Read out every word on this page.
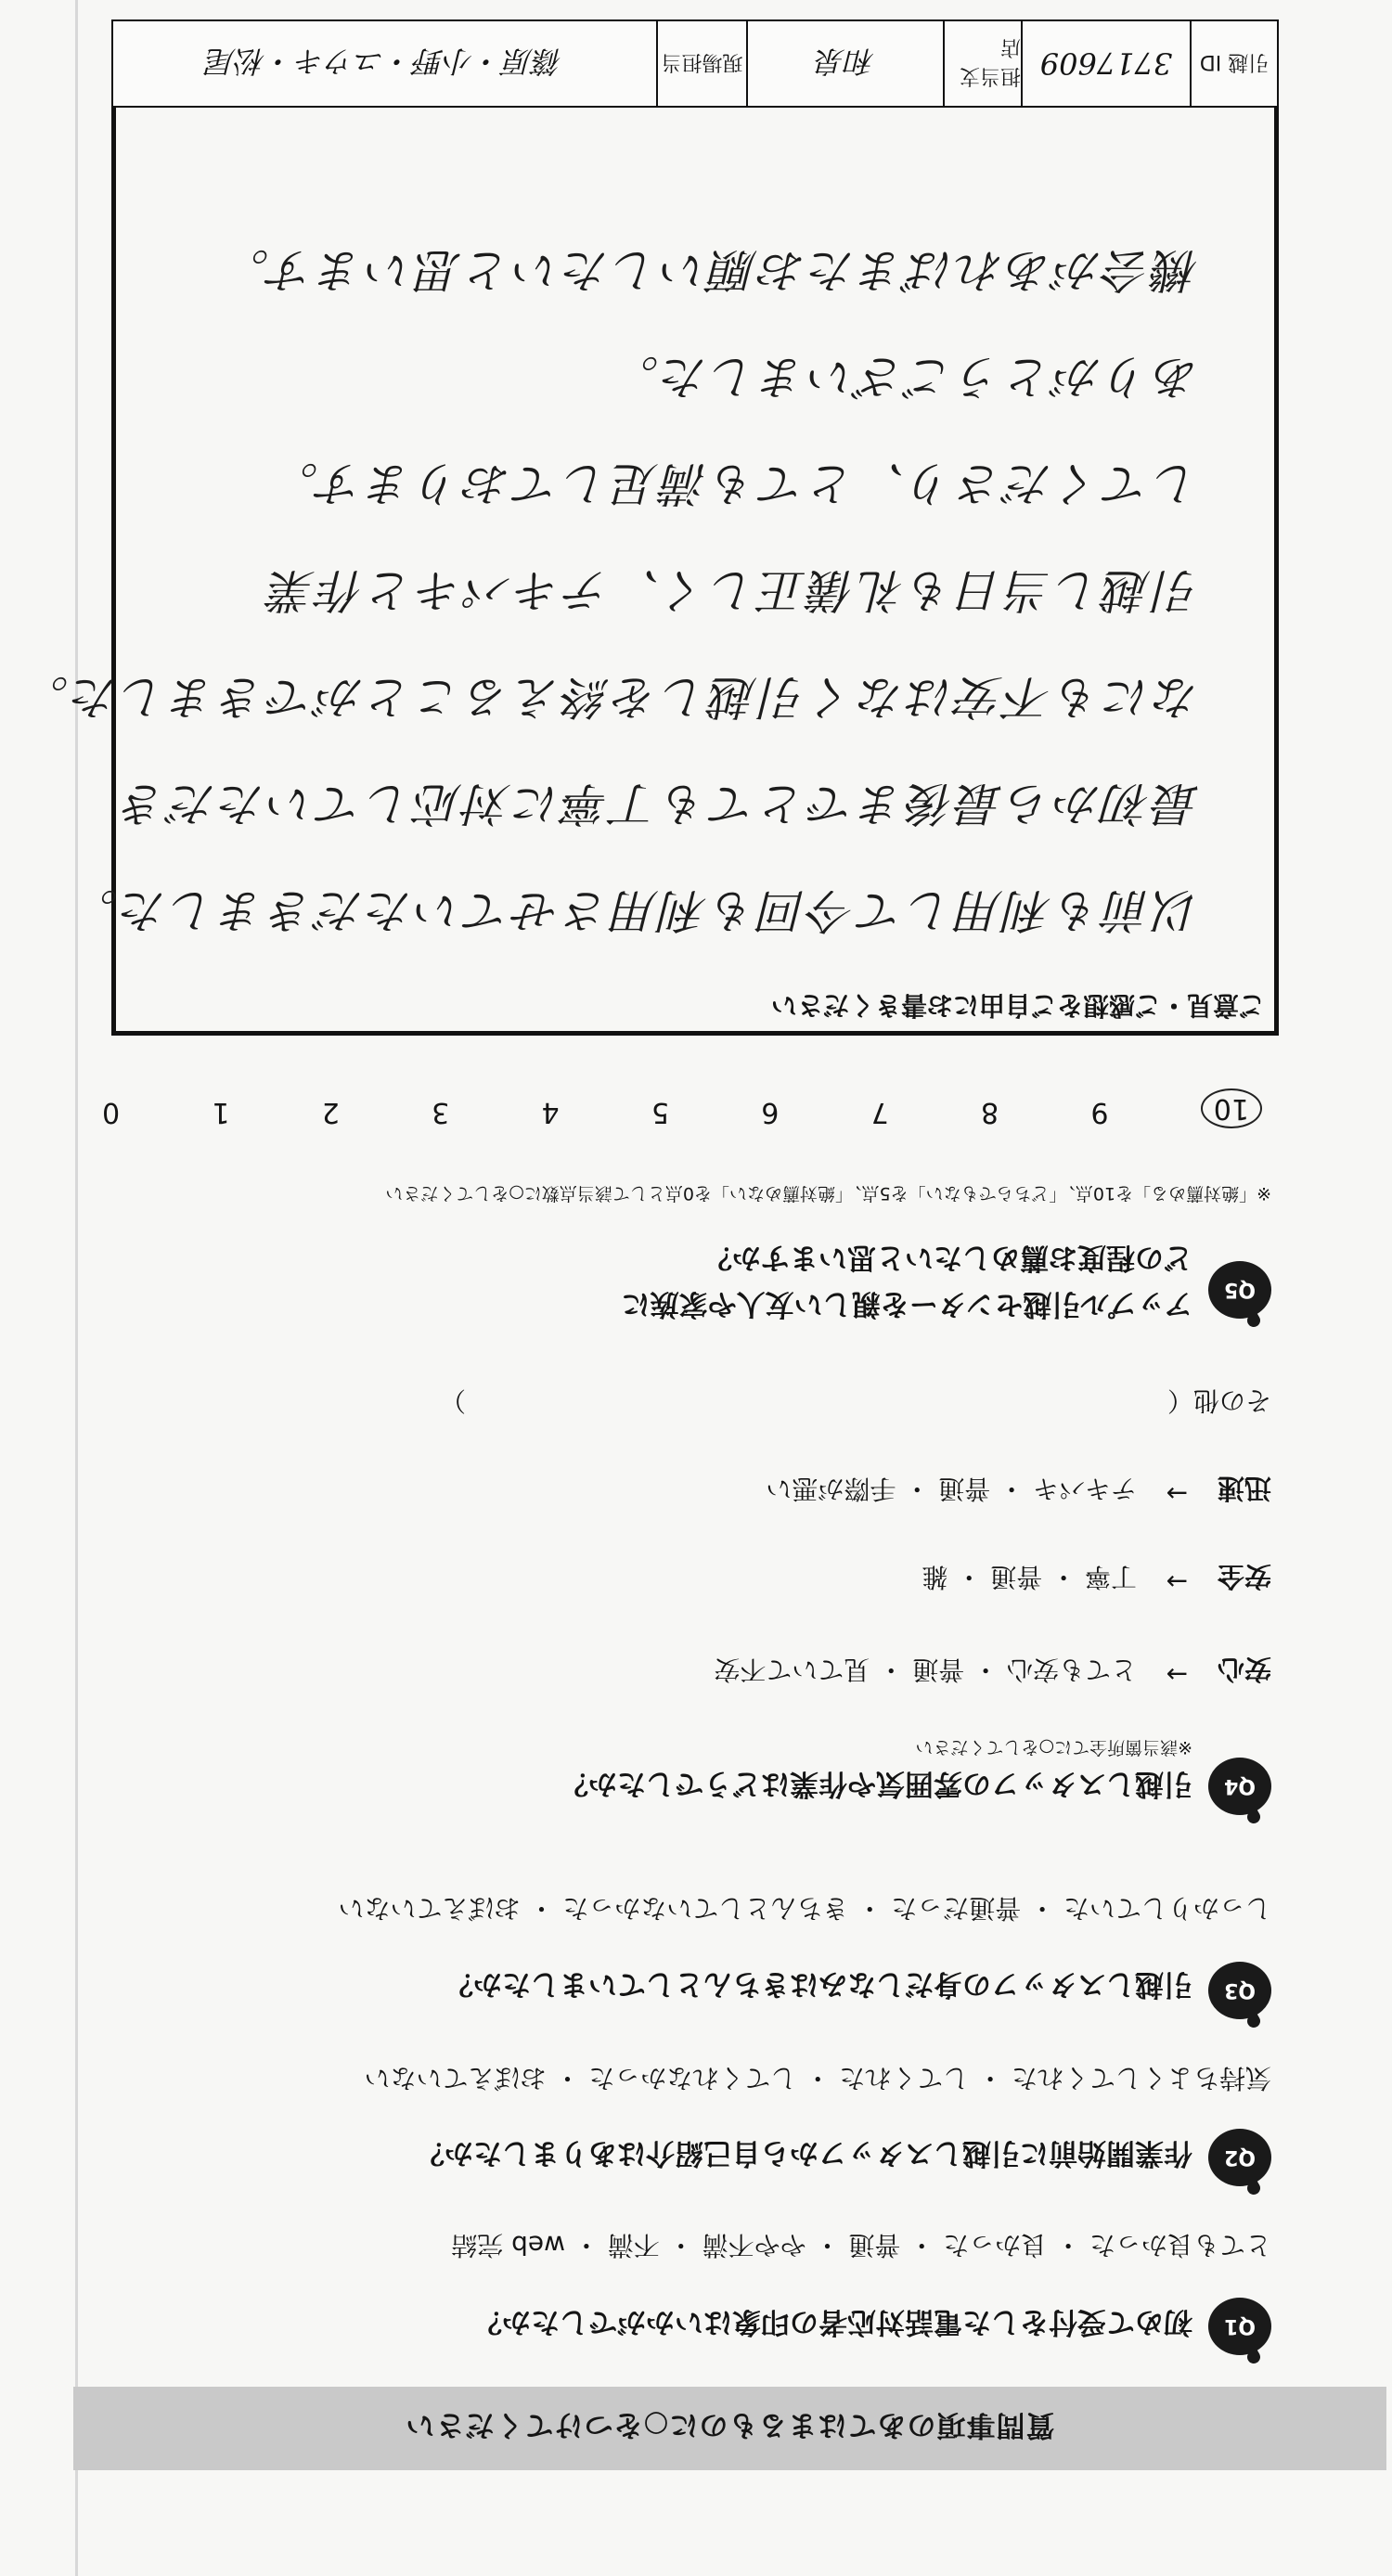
質問事項のあてはまるものに○をつけてください
Q1
初めて受付をした電話対応者の印象はいかがでしたか？
とても良かった ・ 良かった ・ 普通 ・ やや不満 ・ 不満 ・ web 完結
Q2
作業開始前に引越しスタッフから自己紹介はありましたか？
気持ちよくしてくれた ・ してくれた ・ してくれなかった ・ おぼえていない
Q3
引越しスタッフの身だしなみはきちんとしていましたか？
しっかりしていた ・ 普通だった ・ きちんとしていなかった ・ おぼえていない
Q4
引越しスタッフの雰囲気や作業はどうでしたか？
※該当箇所全てに○をしてください
安心
→
とても安心 ・ 普通 ・ 見ていて不安
安全
→
丁寧 ・ 普通 ・ 雑
迅速
→
テキパキ ・ 普通 ・ 手際が悪い
その他（　　　　　　　　　　　　　　　　　　　　　　　　　　　）
Q5
アップル引越センターを親しい友人や家族に
どの程度お薦めしたいと思いますか？
※「絶対薦める」を10点、「どちらでもない」を5点、「絶対薦めない」を0点として該当点数に○をしてください
10
9
8
7
6
5
4
3
2
1
0
ご意見・ご感想をご自由にお書きください
以前も利用して今回も利用させていただきました。
最初から最後までとても丁寧に対応していただき
なにも不安はなく引越しを終えることができました。
引越し当日も礼儀正しく、テキパキと作業
してくださり、とても満足しております。
ありがとうございました。
機会があればまたお願いしたいと思います。
引越 ID
3717609
担当支店
和泉
現場担当
篠原・小野・ユウキ・松尾
